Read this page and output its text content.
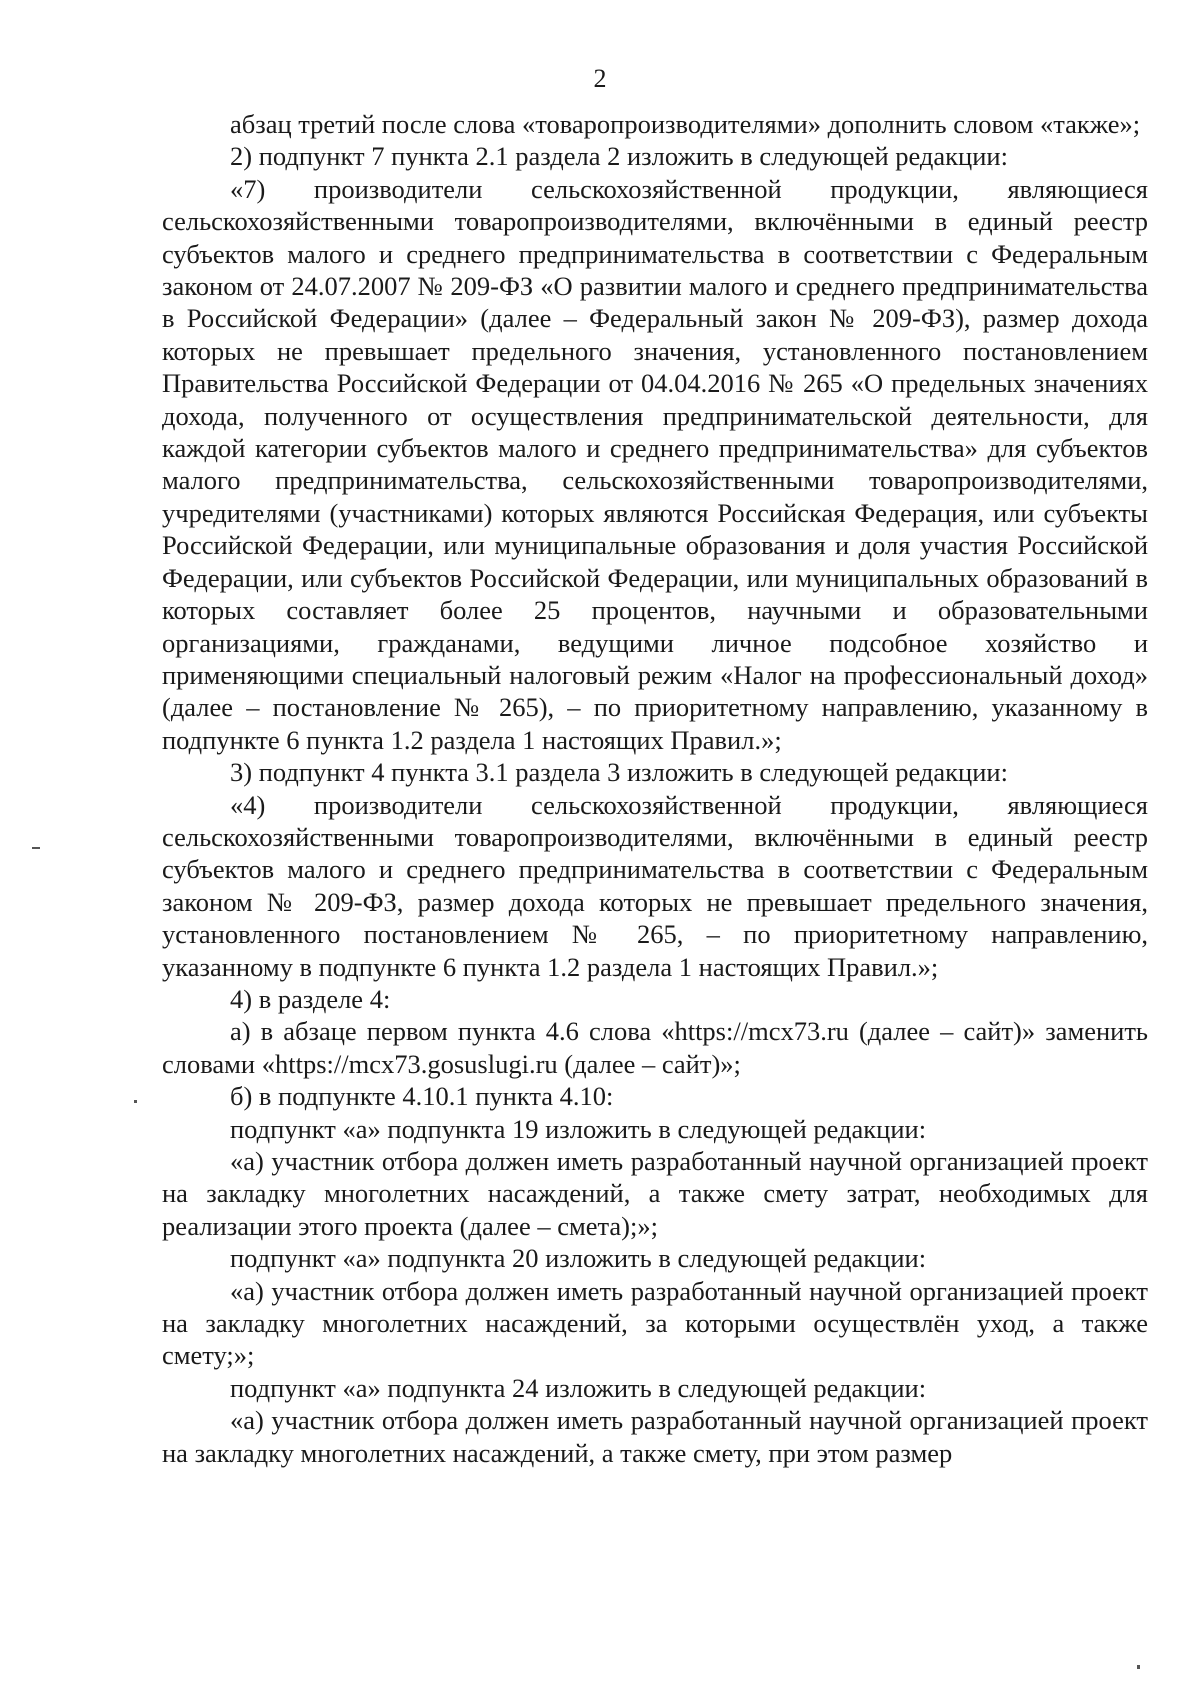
2

абзац третий после слова «товаропроизводителями» дополнить словом «также»;

2) подпункт 7 пункта 2.1 раздела 2 изложить в следующей редакции:

«7) производители сельскохозяйственной продукции, являющиеся сельскохозяйственными товаропроизводителями, включёнными в единый реестр субъектов малого и среднего предпринимательства в соответствии с Федеральным законом от 24.07.2007 № 209-ФЗ «О развитии малого и среднего предпринимательства в Российской Федерации» (далее – Федеральный закон № 209-ФЗ), размер дохода которых не превышает предельного значения, установленного постановлением Правительства Российской Федерации от 04.04.2016 № 265 «О предельных значениях дохода, полученного от осуществления предпринимательской деятельности, для каждой категории субъектов малого и среднего предпринимательства» для субъектов малого предпринимательства, сельскохозяйственными товаропроизводителями, учредителями (участниками) которых являются Российская Федерация, или субъекты Российской Федерации, или муниципальные образования и доля участия Российской Федерации, или субъектов Российской Федерации, или муниципальных образований в которых составляет более 25 процентов, научными и образовательными организациями, гражданами, ведущими личное подсобное хозяйство и применяющими специальный налоговый режим «Налог на профессиональный доход» (далее – постановление № 265), – по приоритетному направлению, указанному в подпункте 6 пункта 1.2 раздела 1 настоящих Правил.»;

3) подпункт 4 пункта 3.1 раздела 3 изложить в следующей редакции:

«4) производители сельскохозяйственной продукции, являющиеся сельскохозяйственными товаропроизводителями, включёнными в единый реестр субъектов малого и среднего предпринимательства в соответствии с Федеральным законом № 209-ФЗ, размер дохода которых не превышает предельного значения, установленного постановлением № 265, – по приоритетному направлению, указанному в подпункте 6 пункта 1.2 раздела 1 настоящих Правил.»;

4) в разделе 4:

а) в абзаце первом пункта 4.6 слова «https://mcx73.ru (далее – сайт)» заменить словами «https://mcx73.gosuslugi.ru (далее – сайт)»;

б) в подпункте 4.10.1 пункта 4.10:

подпункт «а» подпункта 19 изложить в следующей редакции:

«а) участник отбора должен иметь разработанный научной организацией проект на закладку многолетних насаждений, а также смету затрат, необходимых для реализации этого проекта (далее – смета);»;

подпункт «а» подпункта 20 изложить в следующей редакции:

«а) участник отбора должен иметь разработанный научной организацией проект на закладку многолетних насаждений, за которыми осуществлён уход, а также смету;»;

подпункт «а» подпункта 24 изложить в следующей редакции:

«а) участник отбора должен иметь разработанный научной организацией проект на закладку многолетних насаждений, а также смету, при этом размер
